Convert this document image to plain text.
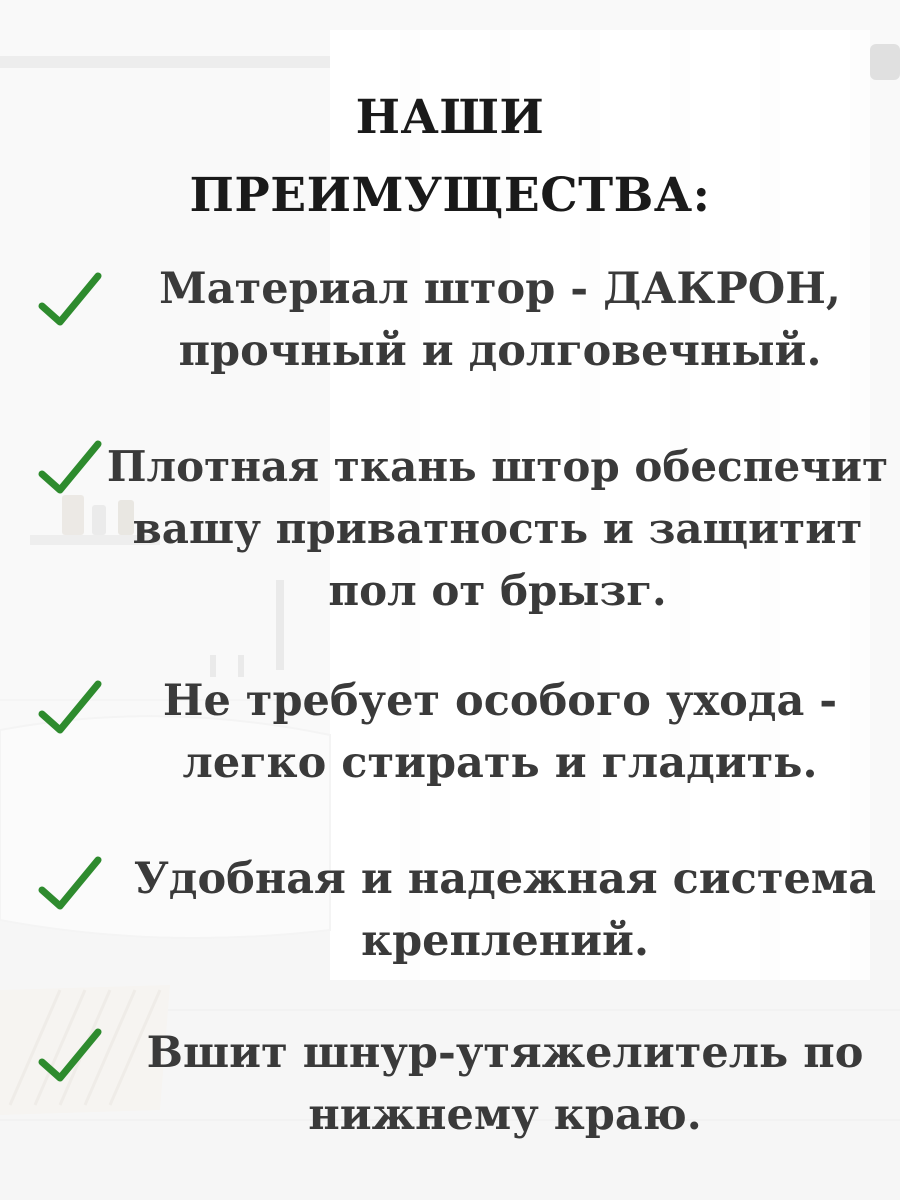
НАШИ
ПРЕИМУЩЕСТВА:

Материал штор - ДАКРОН,
прочный и долговечный.

Плотная ткань штор обеспечит
вашу приватность и защитит
пол от брызг.

Не требует особого ухода -
легко стирать и гладить.

Удобная и надежная система
креплений.

Вшит шнур-утяжелитель по
нижнему краю.
